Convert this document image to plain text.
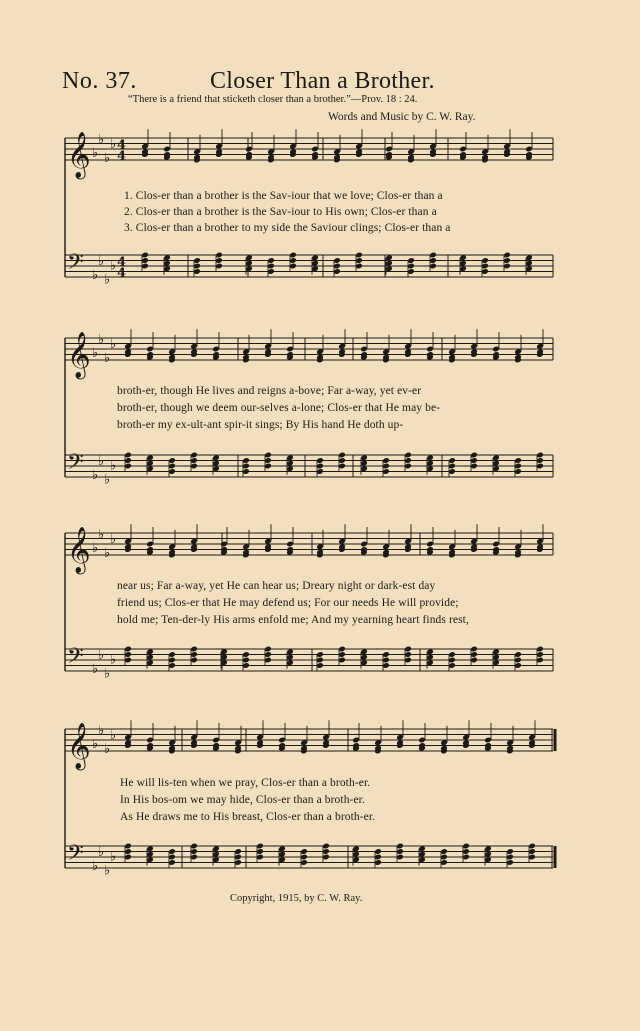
No. 37.	Closer Than a Brother.
“There is a friend that sticketh closer than a brother.”—Prov. 18 : 24.
Words and Music by C. W. Ray.
𝄞 ♭
♭
♭
♭ 4
4
𝄢 ♭
♭
♭
♭ 4
4
𝄞 ♭
♭
♭
♭
𝄢 ♭
♭
♭
♭
𝄞 ♭
♭
♭
♭
𝄢 ♭
♭
♭
♭
𝄞 ♭
♭
♭
♭
𝄢 ♭
♭
♭
♭
1. Clos-er than a brother is the Sav-iour that we love; Clos-er than a
2. Clos-er than a brother is the Sav-iour to His own; Clos-er than a
3. Clos-er than a brother to my side the Saviour clings; Clos-er than a
broth-er, though He lives and reigns a-bove; Far a-way, yet ev-er
broth-er, though we deem our-selves a-lone; Clos-er that He may be-
broth-er my ex-ult-ant spir-it sings; By His hand He doth up-
near us; Far a-way, yet He can hear us; Dreary night or dark-est day
friend us; Clos-er that He may defend us; For our needs He will provide;
hold me; Ten-der-ly His arms enfold me; And my yearning heart finds rest,
He will lis-ten when we pray, Clos-er than a broth-er.
In His bos-om we may hide, Clos-er than a broth-er.
As He draws me to His breast, Clos-er than a broth-er.
Copyright, 1915, by C. W. Ray.
